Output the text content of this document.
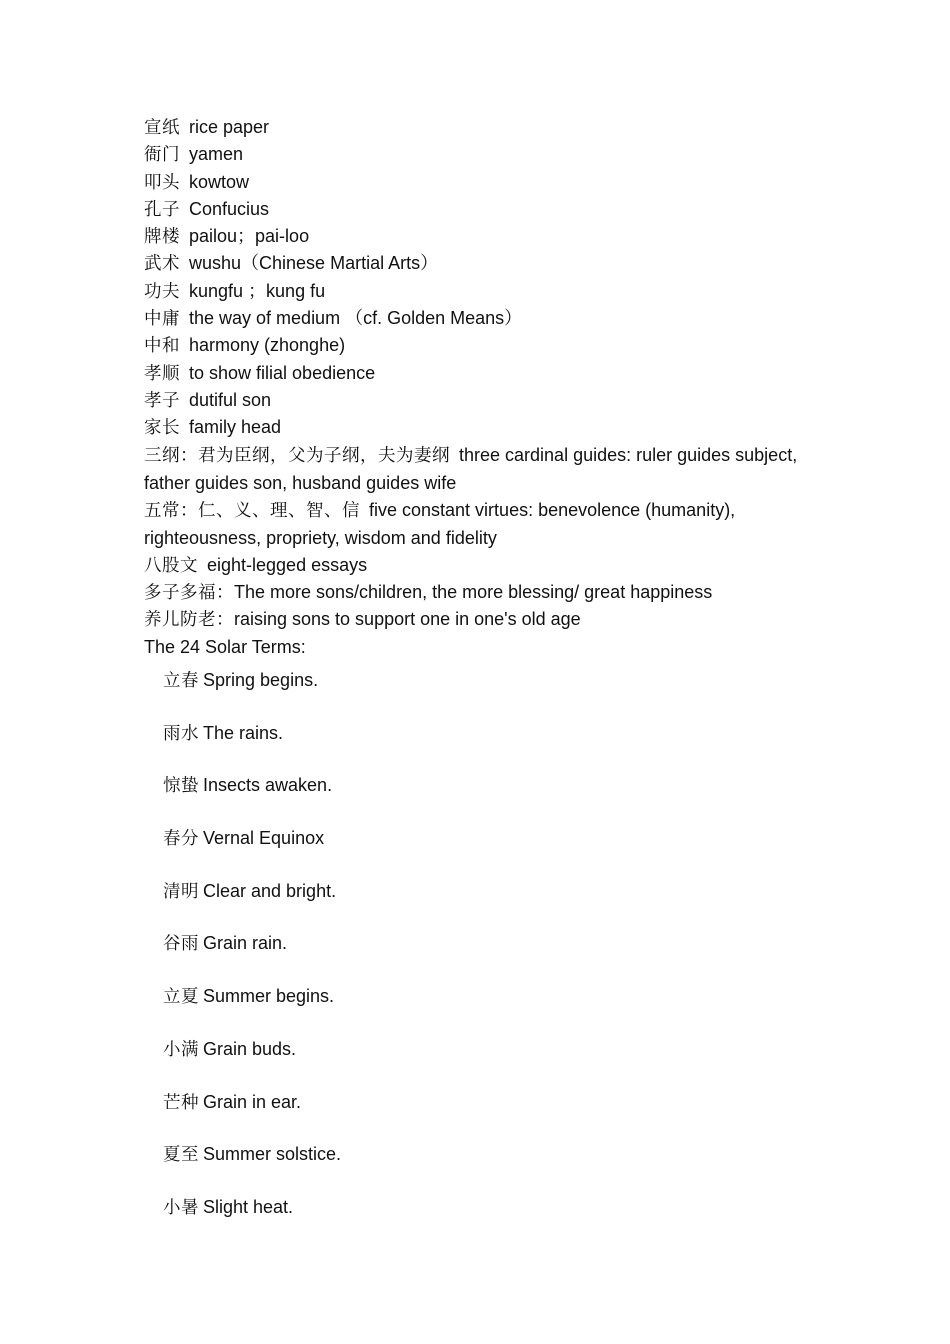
宣纸 rice paper
衙门 yamen
叩头 kowtow
孔子 Confucius
牌楼 pailou；pai-loo
武术 wushu（Chinese Martial Arts）
功夫 kungfu ；kung fu
中庸 the way of medium （cf. Golden Means）
中和 harmony (zhonghe)
孝顺 to show filial obedience
孝子 dutiful son
家长 family head
三纲：君为臣纲，父为子纲，夫为妻纲 three cardinal guides: ruler guides subject, father guides son, husband guides wife
五常：仁、义、理、智、信 five constant virtues: benevolence (humanity), righteousness, propriety, wisdom and fidelity
八股文 eight-legged essays
多子多福：The more sons/children, the more blessing/ great happiness
养儿防老：raising sons to support one in one's old age
The 24 Solar Terms:
立春 Spring begins.
雨水 The rains.
惊蛰 Insects awaken.
春分 Vernal Equinox
清明 Clear and bright.
谷雨 Grain rain.
立夏 Summer begins.
小满 Grain buds.
芒种 Grain in ear.
夏至 Summer solstice.
小暑 Slight heat.
